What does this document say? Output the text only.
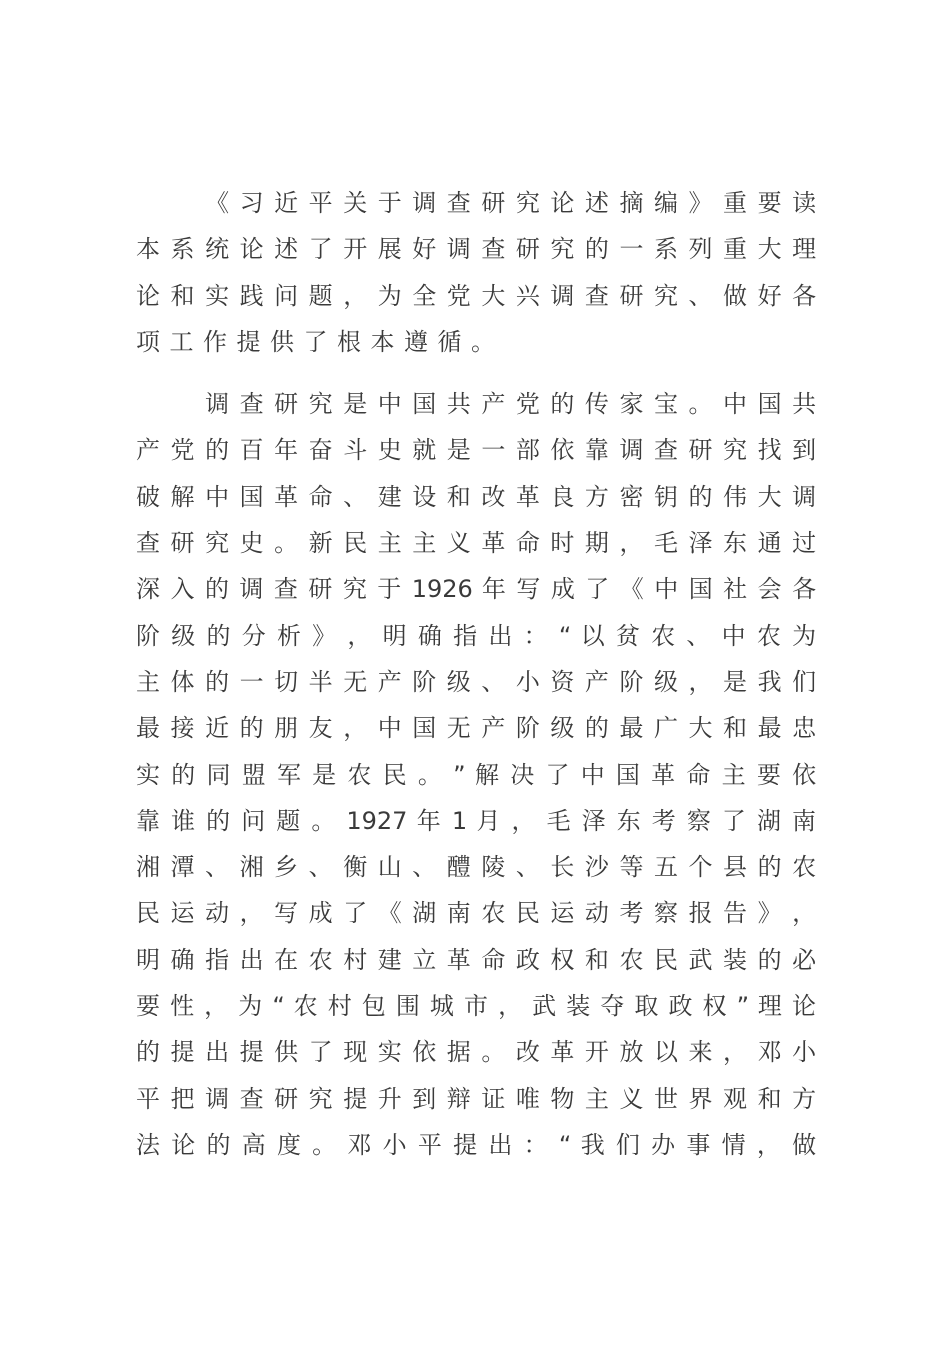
　 　 《 习 近 平 关 于 调 查 研 究 论 述 摘 编 》 重 要 读
本 系 统 论 述 了 开 展 好 调 查 研 究 的 一 系 列 重 大 理
论 和 实 践 问 题 ， 为 全 党 大 兴 调 查 研 究 、 做 好 各
项工作提供了根本遵循。
　 　 调 查 研 究 是 中 国 共 产 党 的 传 家 宝 。 中 国 共
产 党 的 百 年 奋 斗 史 就 是 一 部 依 靠 调 查 研 究 找 到
破 解 中 国 革 命 、 建 设 和 改 革 良 方 密 钥 的 伟 大 调
查 研 究 史 。 新 民 主 主 义 革 命 时 期 ， 毛 泽 东 通 过
深 入 的 调 查 研 究 于 1926 年 写 成 了 《 中 国 社 会 各
阶 级 的 分 析 》 ， 明 确 指 出 ： “ 以 贫 农 、 中 农 为
主 体 的 一 切 半 无 产 阶 级 、 小 资 产 阶 级 ， 是 我 们
最 接 近 的 朋 友 ， 中 国 无 产 阶 级 的 最 广 大 和 最 忠
实 的 同 盟 军 是 农 民 。 ” 解 决 了 中 国 革 命 主 要 依
靠 谁 的 问 题 。 1927 年 1 月 ， 毛 泽 东 考 察 了 湖 南
湘 潭 、 湘 乡 、 衡 山 、 醴 陵 、 长 沙 等 五 个 县 的 农
民 运 动 ， 写 成 了 《 湖 南 农 民 运 动 考 察 报 告 》 ，
明 确 指 出 在 农 村 建 立 革 命 政 权 和 农 民 武 装 的 必
要 性 ， 为 “ 农 村 包 围 城 市 ， 武 装 夺 取 政 权 ” 理 论
的 提 出 提 供 了 现 实 依 据 。 改 革 开 放 以 来 ， 邓 小
平 把 调 查 研 究 提 升 到 辩 证 唯 物 主 义 世 界 观 和 方
法 论 的 高 度 。 邓 小 平 提 出 ： “ 我 们 办 事 情 ， 做
